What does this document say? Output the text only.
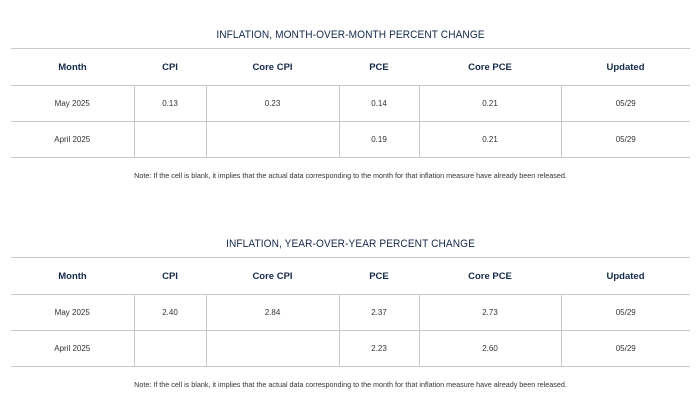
INFLATION, MONTH-OVER-MONTH PERCENT CHANGE
Month	CPI	Core CPI	PCE	Core PCE	Updated
May 2025	0.13	0.23	0.14	0.21	05/29
April 2025			0.19	0.21	05/29
Note: If the cell is blank, it implies that the actual data corresponding to the month for that inflation measure have already been released.
INFLATION, YEAR-OVER-YEAR PERCENT CHANGE
Month	CPI	Core CPI	PCE	Core PCE	Updated
May 2025	2.40	2.84	2.37	2.73	05/29
April 2025			2.23	2.60	05/29
Note: If the cell is blank, it implies that the actual data corresponding to the month for that inflation measure have already been released.
